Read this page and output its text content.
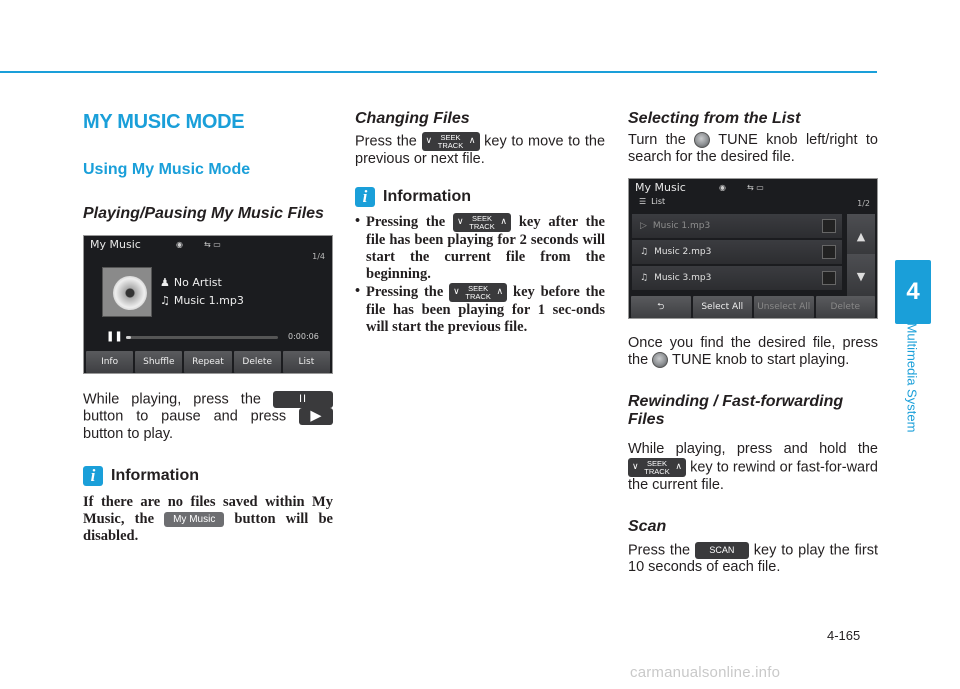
4
Multimedia System
MY MUSIC MODE
Using My Music Mode
Playing/Pausing My Music Files
My Music	◉	⇆ ▭
1/4
♟ No Artist
♫ Music 1.mp3
❚❚	0:00:06
Info	Shuffle	Repeat	Delete	List
While playing, press the	II button to pause and press ▶
button to play.
i Information
If there are no files saved within My Music, the My Music button will be disabled.
Changing Files
Press the ∨	SEEK
TRACK ∧ key to move to the previous or next file.
i Information
• Pressing the ∨	SEEK
TRACK ∧ key after the file has been playing for 2 seconds will start the current file from the beginning.
• Pressing the ∨	SEEK
TRACK ∧ key before the file has been playing for 1 sec-onds will start the previous file.
Selecting from the List
Turn the TUNE knob left/right to search for the desired file.
My Music	◉	⇆ ▭
☰ List	1/2
▷ Music 1.mp3
♫ Music 2.mp3
♫ Music 3.mp3
▲
▼
⮌	Select All	Unselect All	Delete
Once you find the desired file, press the TUNE knob to start playing.
Rewinding / Fast-forwarding Files
While playing, press and hold the
∨	SEEK
TRACK ∧ key to rewind or fast-for-ward the current file.
Scan
Press the SCAN key to play the first 10 seconds of each file.
4-165
carmanualsonline.info
